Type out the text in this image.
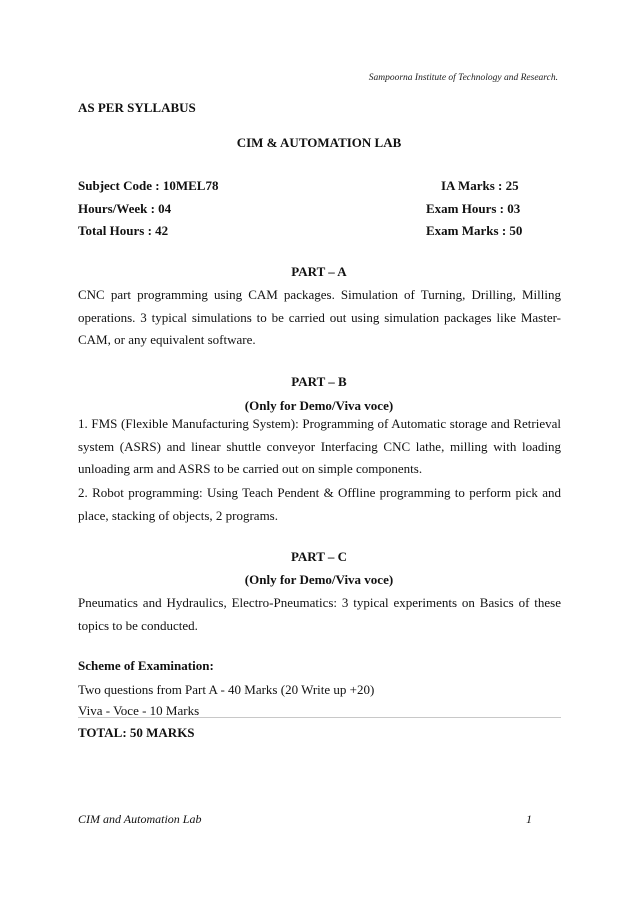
Sampoorna Institute of Technology and Research.
AS PER SYLLABUS
CIM & AUTOMATION LAB
Subject Code : 10MEL78	IA Marks : 25
Hours/Week : 04	Exam Hours : 03
Total Hours : 42	Exam Marks : 50
PART – A
CNC part programming using CAM packages. Simulation of Turning, Drilling, Milling operations. 3 typical simulations to be carried out using simulation packages like Master-CAM, or any equivalent software.
PART – B
(Only for Demo/Viva voce)
1. FMS (Flexible Manufacturing System): Programming of Automatic storage and Retrieval system (ASRS) and linear shuttle conveyor Interfacing CNC lathe, milling with loading unloading arm and ASRS to be carried out on simple components.
2. Robot programming: Using Teach Pendent & Offline programming to perform pick and place, stacking of objects, 2 programs.
PART – C
(Only for Demo/Viva voce)
Pneumatics and Hydraulics, Electro-Pneumatics: 3 typical experiments on Basics of these topics to be conducted.
Scheme of Examination:
Two questions from Part A - 40 Marks (20 Write up +20)
Viva - Voce - 10 Marks
TOTAL: 50 MARKS
CIM and Automation Lab	1
